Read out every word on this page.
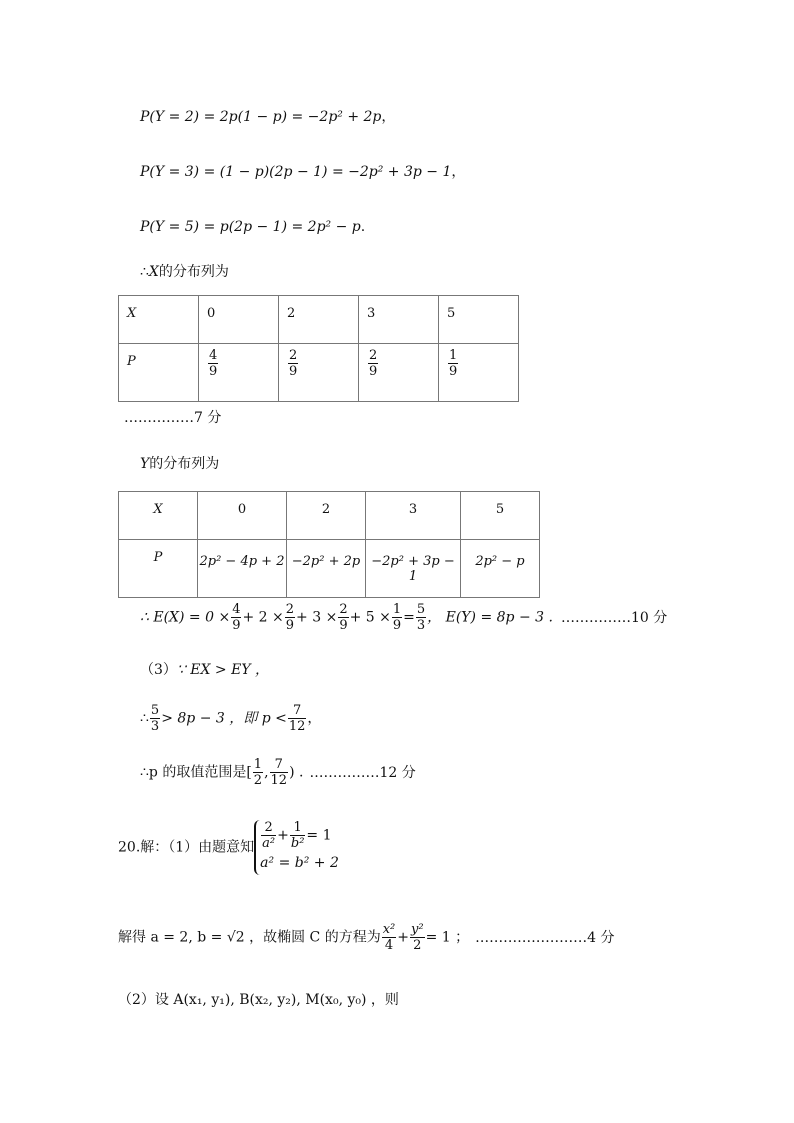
P(Y = 2) = 2p(1 − p) = −2p² + 2p，
P(Y = 3) = (1 − p)(2p − 1) = −2p² + 3p − 1，
P(Y = 5) = p(2p − 1) = 2p² − p.
∴X的分布列为
X	0	2	3	5
P	$\frac{4}{9}$	$\frac{2}{9}$	$\frac{2}{9}$	$\frac{1}{9}$
……………7 分
Y的分布列为
X	0	2	3	5
P	2p² − 4p + 2	−2p² + 2p	−2p² + 3p − 1	2p² − p
∴ $E(X) = 0 \times \frac{4}{9} + 2 \times \frac{2}{9} + 3 \times \frac{2}{9} + 5 \times \frac{1}{9} = \frac{5}{3}$ ， E(Y) = 8p − 3 . ……………10 分
（3）∵ EX > EY ，
∴ $\frac{5}{3} > 8p - 3$ ，即 $p < \frac{7}{12}$ ，
∴p 的取值范围是[ $\frac{1}{2}$ , $\frac{7}{12}$ ) . ……………12 分
20.解：（1）由题意知 $\frac{2}{\text{a²}} + \frac{1}{\text{b²}} = 1$
a² = b² + 2
解得 a = 2, b = √2 ，故椭圆 C 的方程为 $\frac{\text{x²}}{4} + \frac{\text{y²}}{2} = 1$ ； ……………………4 分
（2）设 A(x₁, y₁), B(x₂, y₂), M(x₀, y₀) ，则
